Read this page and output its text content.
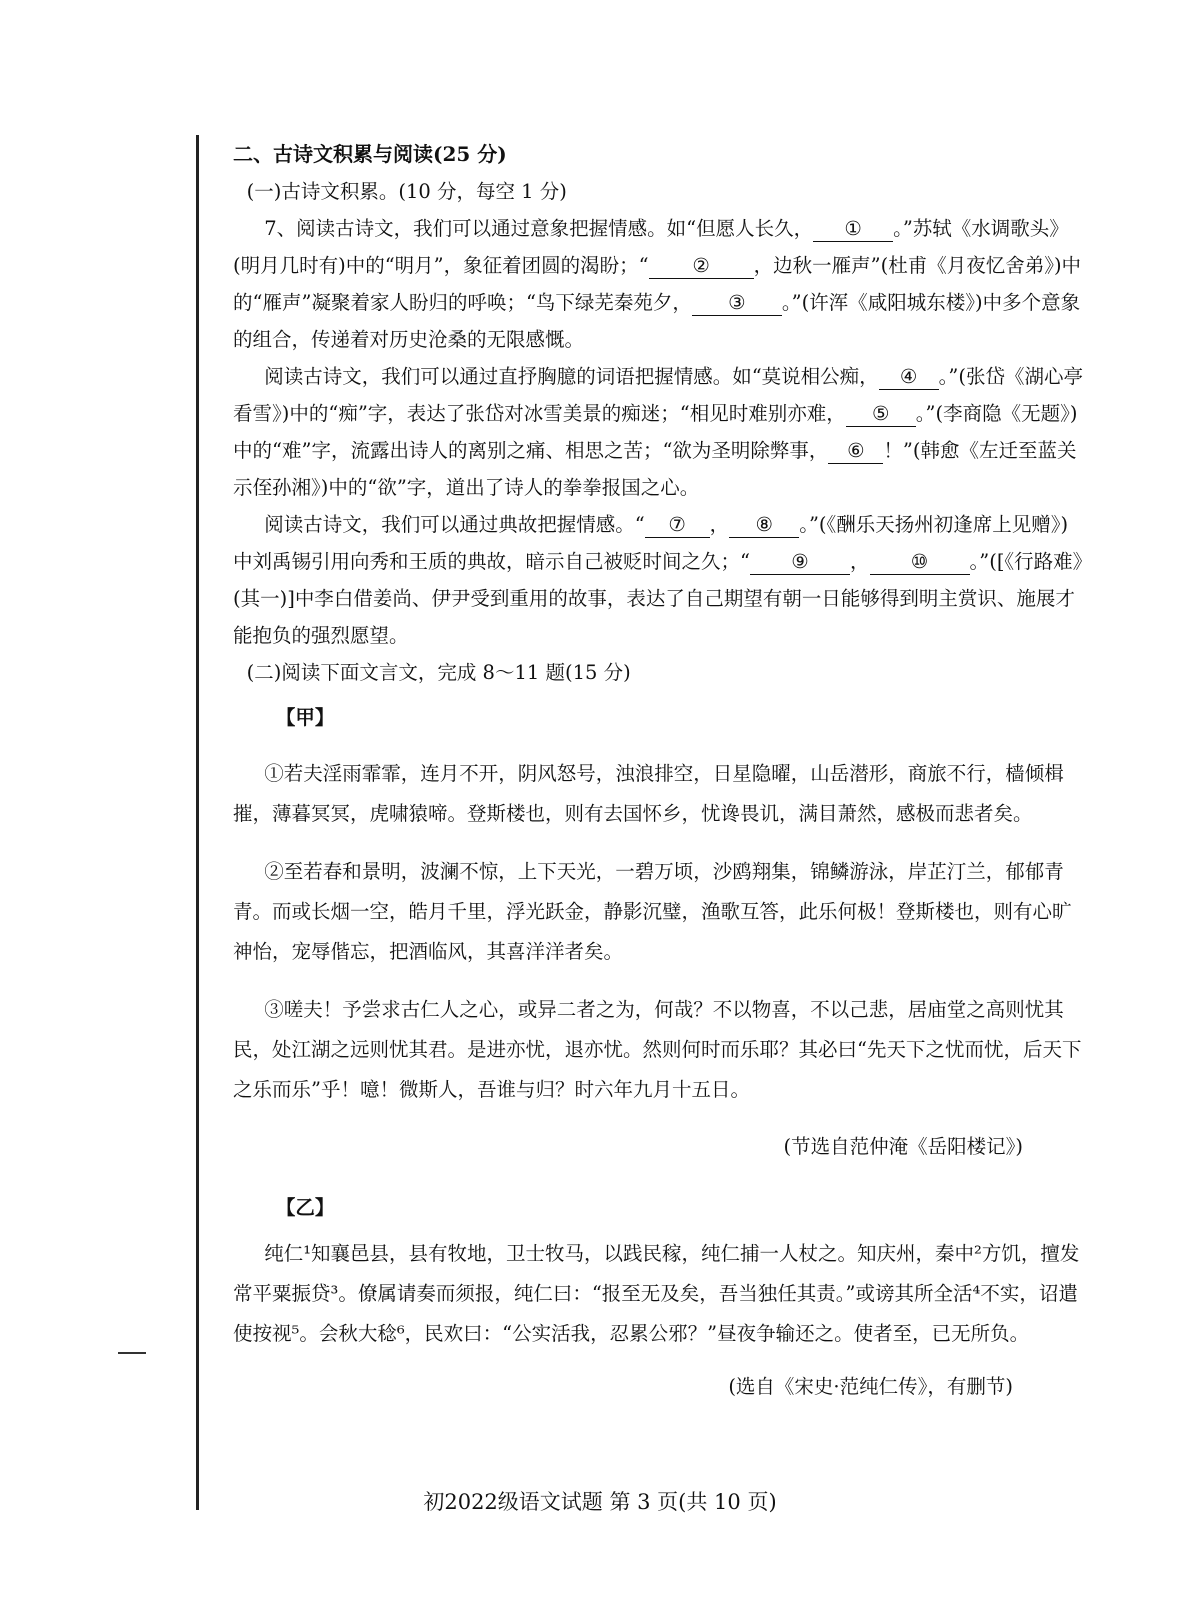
二、古诗文积累与阅读(25 分)

(一)古诗文积累。(10 分，每空 1 分)

7、阅读古诗文，我们可以通过意象把握情感。如“但愿人长久， ① 。”苏轼《水调歌头》(明月几时有)中的“明月”，象征着团圆的渴盼；“ ② ，边秋一雁声”(杜甫《月夜忆舍弟》)中的“雁声”凝聚着家人盼归的呼唤；“鸟下绿芜秦苑夕， ③ 。”(许浑《咸阳城东楼》)中多个意象的组合，传递着对历史沧桑的无限感慨。

阅读古诗文，我们可以通过直抒胸臆的词语把握情感。如“莫说相公痴， ④ 。”(张岱《湖心亭看雪》)中的“痴”字，表达了张岱对冰雪美景的痴迷；“相见时难别亦难， ⑤ 。”(李商隐《无题》)中的“难”字，流露出诗人的离别之痛、相思之苦；“欲为圣明除弊事， ⑥ ！”(韩愈《左迁至蓝关示侄孙湘》)中的“欲”字，道出了诗人的拳拳报国之心。

阅读古诗文，我们可以通过典故把握情感。“ ⑦ ， ⑧ 。”(《酬乐天扬州初逢席上见赠》)中刘禹锡引用向秀和王质的典故，暗示自己被贬时间之久；“ ⑨ ， ⑩ 。”([《行路难》(其一)]中李白借姜尚、伊尹受到重用的故事，表达了自己期望有朝一日能够得到明主赏识、施展才能抱负的强烈愿望。

(二)阅读下面文言文，完成 8～11 题(15 分)

【甲】

①若夫淫雨霏霏，连月不开，阴风怒号，浊浪排空，日星隐曜，山岳潜形，商旅不行，樯倾楫摧，薄暮冥冥，虎啸猿啼。登斯楼也，则有去国怀乡，忧谗畏讥，满目萧然，感极而悲者矣。

②至若春和景明，波澜不惊，上下天光，一碧万顷，沙鸥翔集，锦鳞游泳，岸芷汀兰，郁郁青青。而或长烟一空，皓月千里，浮光跃金，静影沉璧，渔歌互答，此乐何极！登斯楼也，则有心旷神怡，宠辱偕忘，把酒临风，其喜洋洋者矣。

③嗟夫！予尝求古仁人之心，或异二者之为，何哉？不以物喜，不以己悲，居庙堂之高则忧其民，处江湖之远则忧其君。是进亦忧，退亦忧。然则何时而乐耶？其必曰“先天下之忧而忧，后天下之乐而乐”乎！噫！微斯人，吾谁与归？时六年九月十五日。

(节选自范仲淹《岳阳楼记》)

【乙】

纯仁¹知襄邑县，县有牧地，卫士牧马，以践民稼，纯仁捕一人杖之。知庆州，秦中²方饥，擅发常平粟振贷³。僚属请奏而须报，纯仁曰：“报至无及矣，吾当独任其责。”或谤其所全活⁴不实，诏遣使按视⁵。会秋大稔⁶，民欢曰：“公实活我，忍累公邪？”昼夜争输还之。使者至，已无所负。

(选自《宋史·范纯仁传》，有删节)

初2022级语文试题 第 3 页(共 10 页)
